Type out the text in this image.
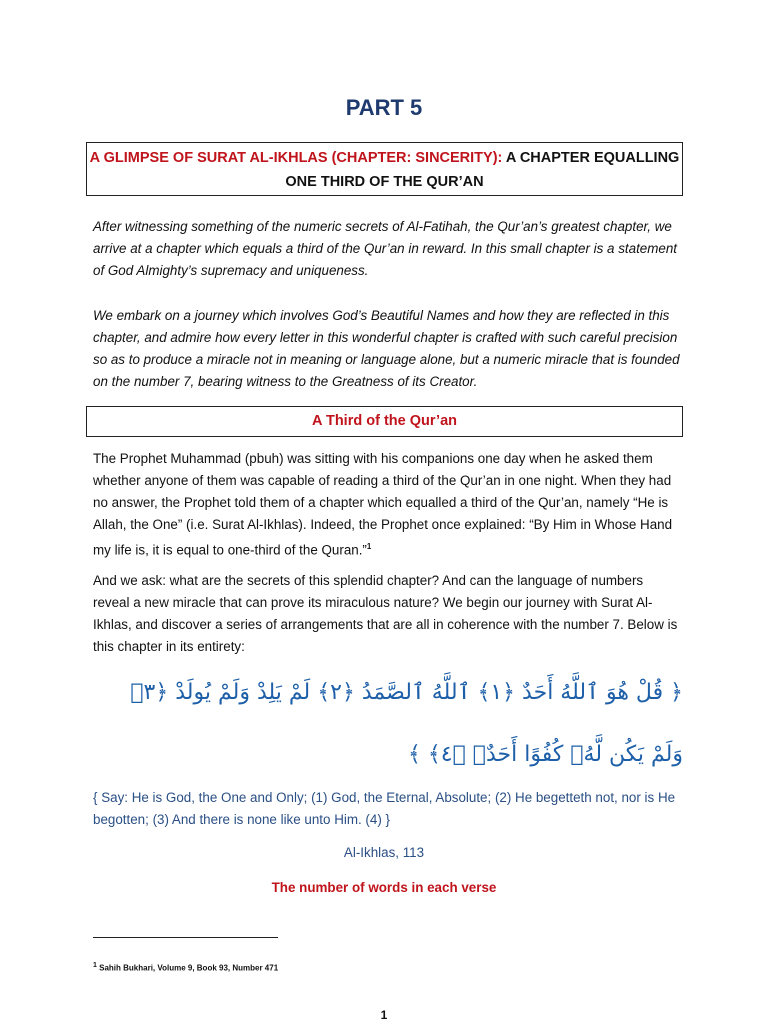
PART 5
A GLIMPSE OF SURAT AL-IKHLAS (CHAPTER: SINCERITY): A CHAPTER EQUALLING ONE THIRD OF THE QUR’AN

After witnessing something of the numeric secrets of Al-Fatihah, the Qur’an’s greatest chapter, we arrive at a chapter which equals a third of the Qur’an in reward. In this small chapter is a statement of God Almighty’s supremacy and uniqueness.

We embark on a journey which involves God’s Beautiful Names and how they are reflected in this chapter, and admire how every letter in this wonderful chapter is crafted with such careful precision so as to produce a miracle not in meaning or language alone, but a numeric miracle that is founded on the number 7, bearing witness to the Greatness of its Creator.

A Third of the Qur’an

The Prophet Muhammad (pbuh) was sitting with his companions one day when he asked them whether anyone of them was capable of reading a third of the Qur’an in one night. When they had no answer, the Prophet told them of a chapter which equalled a third of the Qur’an, namely “He is Allah, the One” (i.e. Surat Al-Ikhlas). Indeed, the Prophet once explained: “By Him in Whose Hand my life is, it is equal to one-third of the Quran.”$^1$

And we ask: what are the secrets of this splendid chapter? And can the language of numbers reveal a new miracle that can prove its miraculous nature? We begin our journey with Surat Al-Ikhlas, and discover a series of arrangements that are all in coherence with the number 7. Below is this chapter in its entirety:

﴿ قُلْ هُوَ ٱللَّهُ أَحَدٌ ﴿١﴾ ٱللَّهُ ٱلصَّمَدُ ﴿٢﴾ لَمْ يَلِدْ وَلَمْ يُولَدْ ﴿٣﴾ وَلَمْ يَكُن لَّهُۥ كُفُوًا أَحَدٌۢ ﴿٤﴾ ﴾

{ Say: He is God, the One and Only; (1) God, the Eternal, Absolute; (2) He begetteth not, nor is He begotten; (3) And there is none like unto Him. (4) }

Al-Ikhlas, 113
The number of words in each verse
$^1$ Sahih Bukhari, Volume 9, Book 93, Number 471
1
